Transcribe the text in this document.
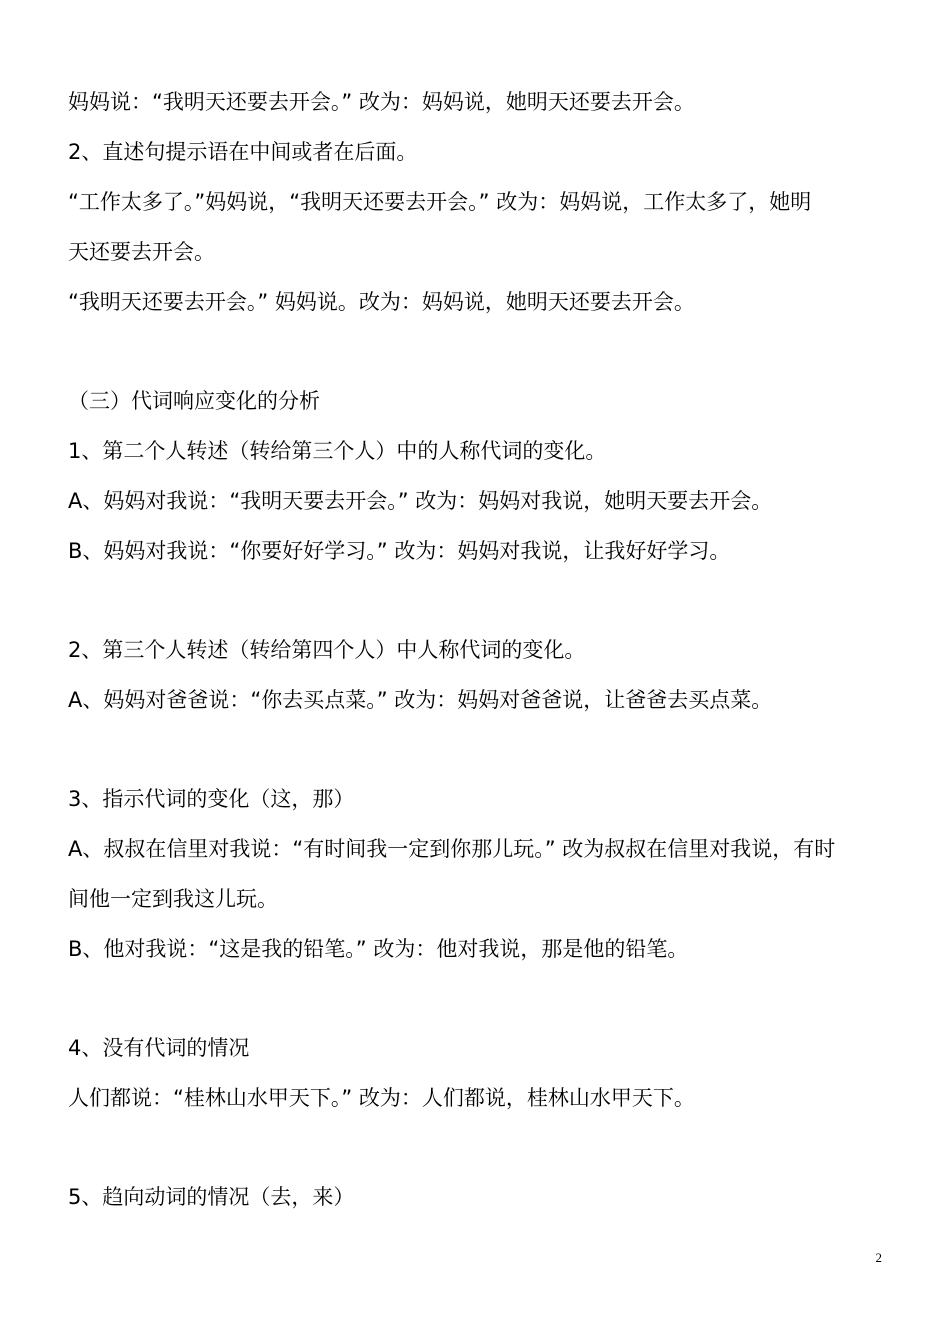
妈妈说：“我明天还要去开会。” 改为：妈妈说，她明天还要去开会。
2、直述句提示语在中间或者在后面。
“工作太多了。”妈妈说，“我明天还要去开会。” 改为：妈妈说，工作太多了，她明
天还要去开会。
“我明天还要去开会。” 妈妈说。改为：妈妈说，她明天还要去开会。
（三）代词响应变化的分析
1、第二个人转述（转给第三个人）中的人称代词的变化。
A、妈妈对我说：“我明天要去开会。” 改为：妈妈对我说，她明天要去开会。
B、妈妈对我说：“你要好好学习。” 改为：妈妈对我说，让我好好学习。
2、第三个人转述（转给第四个人）中人称代词的变化。
A、妈妈对爸爸说：“你去买点菜。” 改为：妈妈对爸爸说，让爸爸去买点菜。
3、指示代词的变化（这，那）
A、叔叔在信里对我说：“有时间我一定到你那儿玩。” 改为叔叔在信里对我说，有时
间他一定到我这儿玩。
B、他对我说：“这是我的铅笔。” 改为：他对我说，那是他的铅笔。
4、没有代词的情况
人们都说：“桂林山水甲天下。” 改为：人们都说，桂林山水甲天下。
5、趋向动词的情况（去，来）
2
